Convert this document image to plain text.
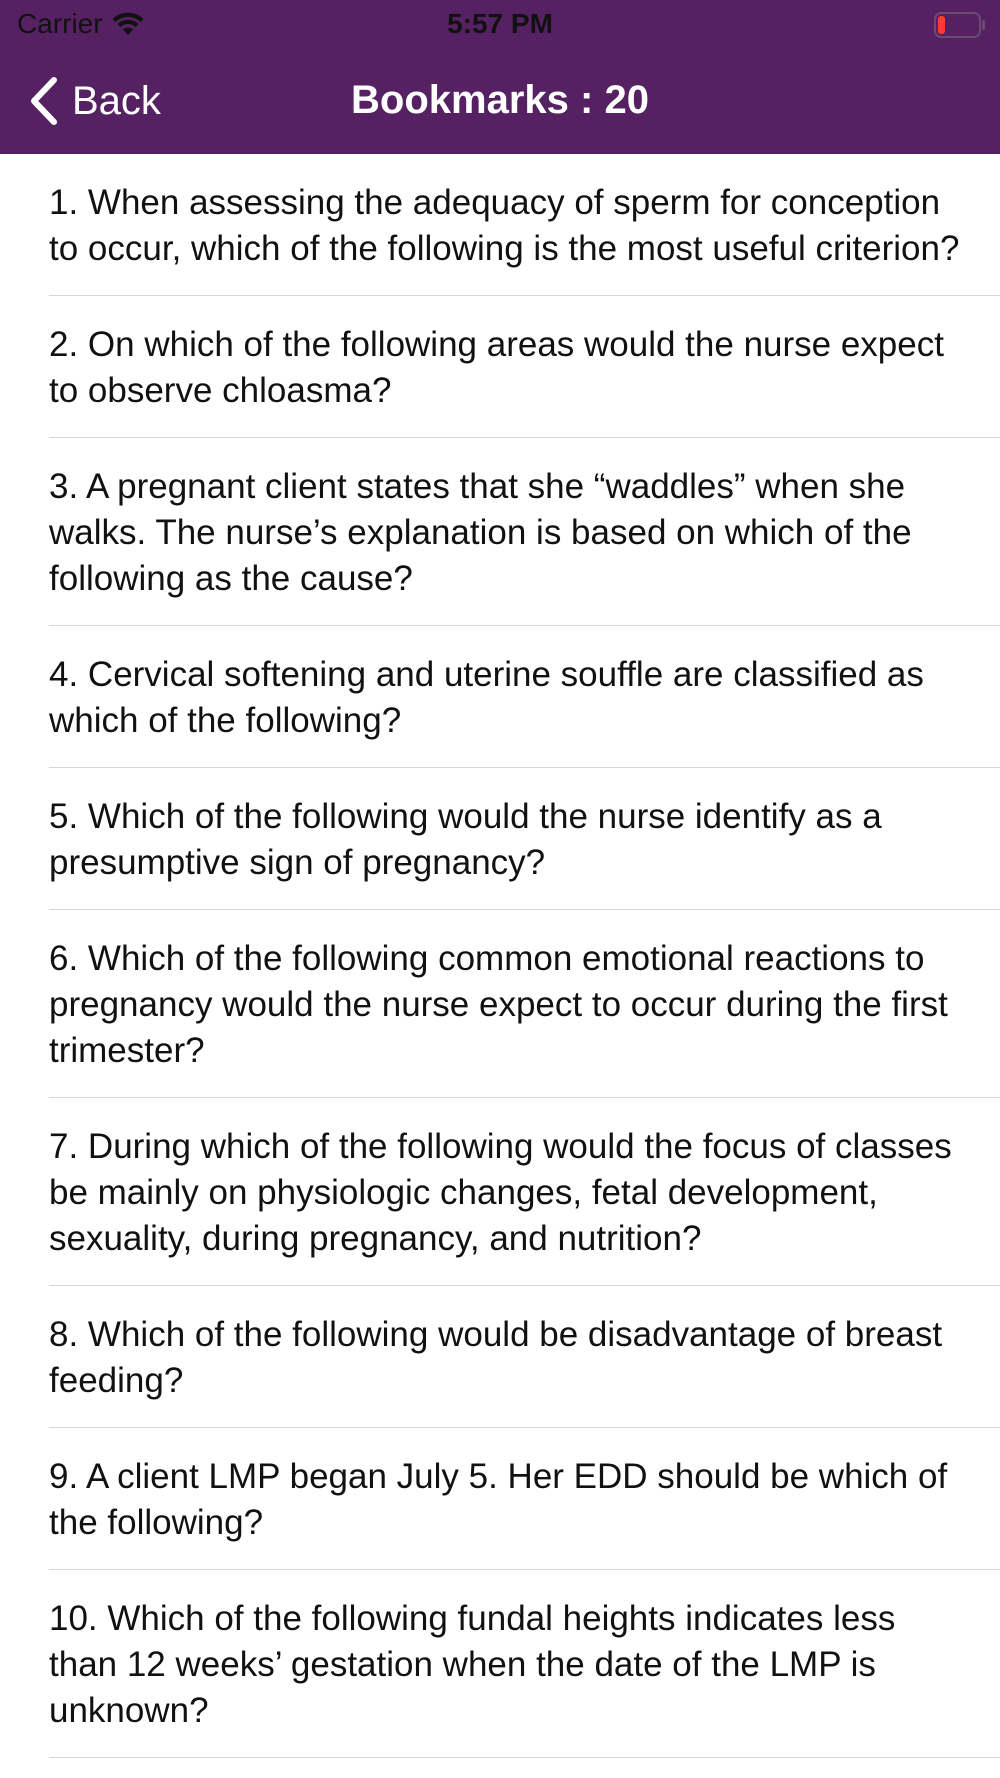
Carrier	5:57 PM
Back	Bookmarks : 20
1. When assessing the adequacy of sperm for conception to occur, which of the following is the most useful criterion?
2. On which of the following areas would the nurse expect to observe chloasma?
3. A pregnant client states that she “waddles” when she walks. The nurse’s explanation is based on which of the following as the cause?
4. Cervical softening and uterine souffle are classified as which of the following?
5. Which of the following would the nurse identify as a presumptive sign of pregnancy?
6. Which of the following common emotional reactions to pregnancy would the nurse expect to occur during the first trimester?
7. During which of the following would the focus of classes be mainly on physiologic changes, fetal development, sexuality, during pregnancy, and nutrition?
8. Which of the following would be disadvantage of breast feeding?
9. A client LMP began July 5. Her EDD should be which of the following?
10. Which of the following fundal heights indicates less than 12 weeks’ gestation when the date of the LMP is unknown?
